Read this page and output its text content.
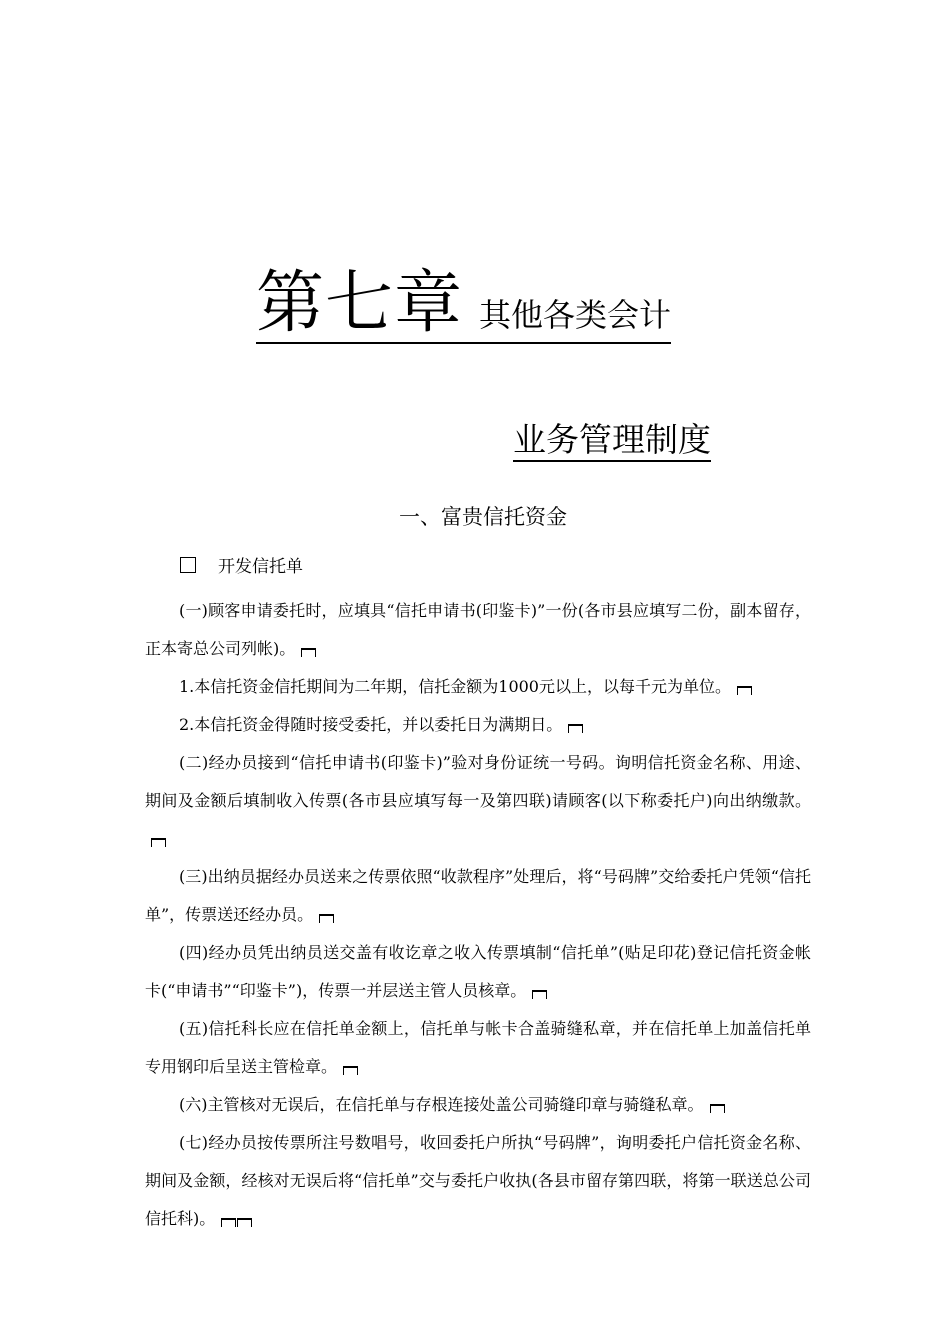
第七章 其他各类会计
业务管理制度
一、富贵信托资金
开发信托单

(一)顾客申请委托时，应填具“信托申请书(印鉴卡)”一份(各市县应填写二份，副本留存，正本寄总公司列帐)。

1.本信托资金信托期间为二年期，信托金额为1000元以上，以每千元为单位。

2.本信托资金得随时接受委托，并以委托日为满期日。

(二)经办员接到“信托申请书(印鉴卡)”验对身份证统一号码。询明信托资金名称、用途、期间及金额后填制收入传票(各市县应填写每一及第四联)请顾客(以下称委托户)向出纳缴款。

(三)出纳员据经办员送来之传票依照“收款程序”处理后，将“号码牌”交给委托户凭领“信托单”，传票送还经办员。

(四)经办员凭出纳员送交盖有收讫章之收入传票填制“信托单”(贴足印花)登记信托资金帐卡(“申请书”“印鉴卡”)，传票一并层送主管人员核章。

(五)信托科长应在信托单金额上，信托单与帐卡合盖骑缝私章，并在信托单上加盖信托单专用钢印后呈送主管检章。

(六)主管核对无误后，在信托单与存根连接处盖公司骑缝印章与骑缝私章。

(七)经办员按传票所注号数唱号，收回委托户所执“号码牌”，询明委托户信托资金名称、期间及金额，经核对无误后将“信托单”交与委托户收执(各县市留存第四联，将第一联送总公司信托科)。
